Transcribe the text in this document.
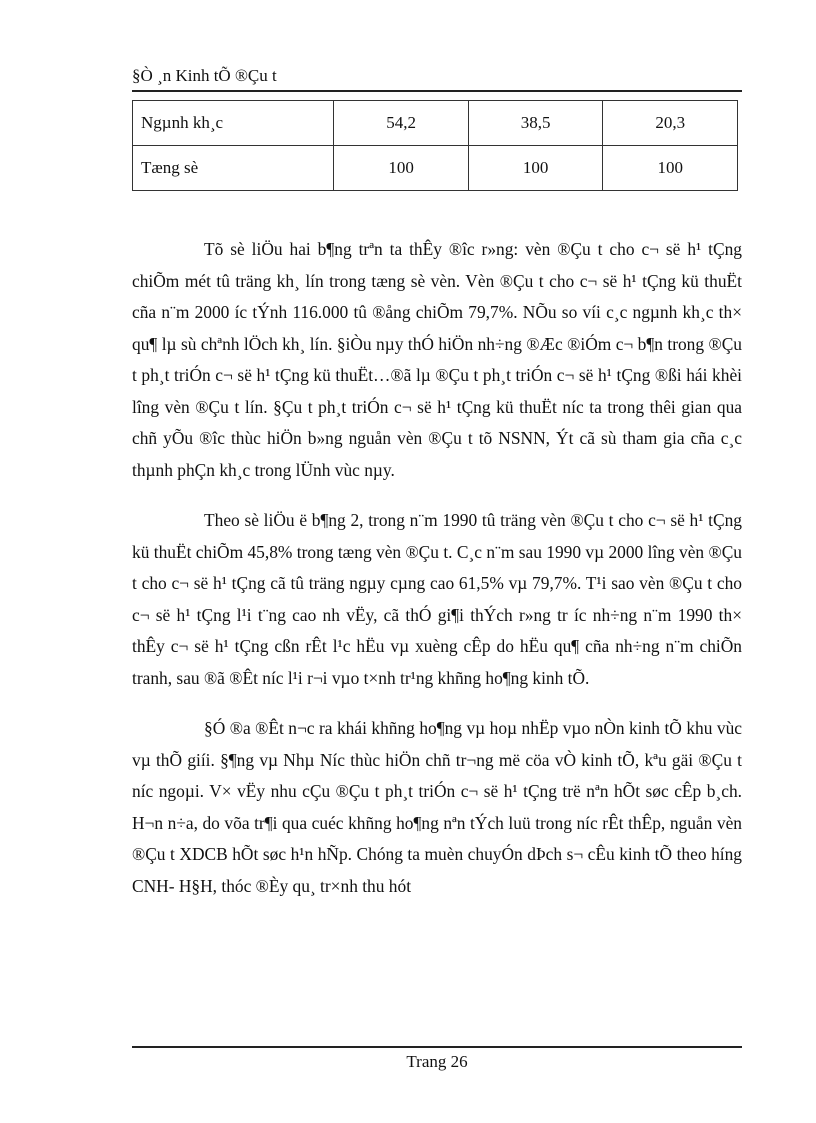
§Ò ¸n Kinh tÕ ®Çu t
Ngµnh kh¸c	54,2	38,5	20,3
Tæng sè	100	100	100

Tõ sè liÖu hai b¶ng trªn ta thÊy ®îc r»ng: vèn ®Çu t cho c¬ së h¹ tÇng chiÕm mét tû träng kh¸ lín trong tæng sè vèn. Vèn ®Çu t cho c¬ së h¹ tÇng kü thuËt cña n¨m 2000 íc tÝnh 116.000 tû ®ång chiÕm 79,7%. NÕu so víi c¸c ngµnh kh¸c th× qu¶ lµ sù chªnh lÖch kh¸ lín. §iÒu nµy thÓ hiÖn nh÷ng ®Æc ®iÓm c¬ b¶n trong ®Çu t ph¸t triÓn c¬ së h¹ tÇng kü thuËt…®ã lµ ®Çu t ph¸t triÓn c¬ së h¹ tÇng ®ßi hái khèi lîng vèn ®Çu t lín. §Çu t ph¸t triÓn c¬ së h¹ tÇng kü thuËt níc ta trong thêi gian qua chñ yÕu ®îc thùc hiÖn b»ng nguån vèn ®Çu t tõ NSNN, Ýt cã sù tham gia cña c¸c thµnh phÇn kh¸c trong lÜnh vùc nµy.

Theo sè liÖu ë b¶ng 2, trong n¨m 1990 tû träng vèn ®Çu t cho c¬ së h¹ tÇng kü thuËt chiÕm 45,8% trong tæng vèn ®Çu t. C¸c n¨m sau 1990 vµ 2000 lîng vèn ®Çu t cho c¬ së h¹ tÇng cã tû träng ngµy cµng cao 61,5% vµ 79,7%. T¹i sao vèn ®Çu t cho c¬ së h¹ tÇng l¹i t¨ng cao nh vËy, cã thÓ gi¶i thÝch r»ng tr íc nh÷ng n¨m 1990 th× thÊy c¬ së h¹ tÇng cßn rÊt l¹c hËu vµ xuèng cÊp do hËu qu¶ cña nh÷ng n¨m chiÕn tranh, sau ®ã ®Êt níc l¹i r¬i vµo t×nh tr¹ng khñng ho¶ng kinh tÕ.

§Ó ®a ®Êt n¬c ra khái khñng ho¶ng vµ hoµ nhËp vµo nÒn kinh tÕ khu vùc vµ thÕ giíi. §¶ng vµ Nhµ Níc thùc hiÖn chñ tr¬ng më cöa vÒ kinh tÕ, kªu gäi ®Çu t níc ngoµi. V× vËy nhu cÇu ®Çu t ph¸t triÓn c¬ së h¹ tÇng trë nªn hÕt søc cÊp b¸ch. H¬n n÷a, do võa tr¶i qua cuéc khñng ho¶ng nªn tÝch luü trong níc rÊt thÊp, nguån vèn ®Çu t XDCB hÕt søc h¹n hÑp. Chóng ta muèn chuyÓn dÞch s¬ cÊu kinh tÕ theo híng CNH- H§H, thóc ®Èy qu¸ tr×nh thu hót

Trang 26
